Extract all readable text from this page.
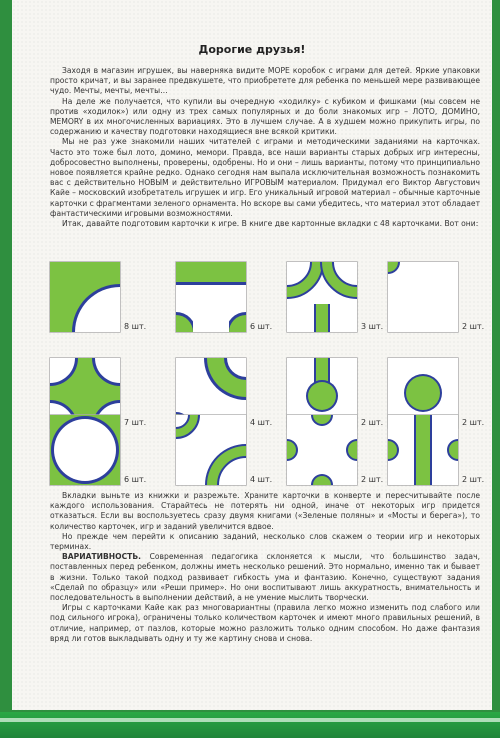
Дорогие друзья!

Заходя в магазин игрушек, вы наверняка видите МОРЕ коробок с играми для детей. Яркие упаковки просто кричат, и вы заранее предвкушете, что приобретете для ребенка по меньшей мере развивающее чудо. Мечты, мечты, мечты…

На деле же получается, что купили вы очередную «ходилку» с кубиком и фишками (мы совсем не против «ходилок») или одну из трех самых популярных и до боли знакомых игр – ЛОТО, ДОМИНО, MEMORY в их многочисленных вариациях. Это в лучшем случае. А в худшем можно прикупить игры, по содержанию и качеству подготовки находящиеся вне всякой критики.

Мы не раз уже знакомили наших читателей с играми и методическими заданиями на карточках. Часто это тоже был лото, домино, мемори. Правда, все наши варианты старых добрых игр интересны, добросовестно выполнены, проверены, одобрены. Но и они – лишь варианты, потому что принципиально новое появляется крайне редко. Однако сегодня нам выпала исключительная возможность познакомить вас с действительно НОВЫМ и действительно ИГРОВЫМ материалом. Придумал его Виктор Августович Кайе – московский изобретатель игрушек и игр. Его уникальный игровой материал – обычные карточные карточки с фрагментами зеленого орнамента. Но вскоре вы сами убедитесь, что материал этот обладает фантастическими игровыми возможностями.

Итак, давайте подготовим карточки к игре. В книге две картонные вкладки с 48 карточками. Вот они:

8 шт.	6 шт.	3 шт.	2 шт.
7 шт.	4 шт.	2 шт.	2 шт.
6 шт.	4 шт.	2 шт.	2 шт.

Вкладки выньте из книжки и разрежьте. Храните карточки в конверте и пересчитывайте после каждого использования. Старайтесь не потерять ни одной, иначе от некоторых игр придется отказаться. Если вы воспользуетесь сразу двумя книгами («Зеленые поляны» и «Мосты и берега»), то количество карточек, игр и заданий увеличится вдвое.

Но прежде чем перейти к описанию заданий, несколько слов скажем о теории игр и некоторых терминах.

ВАРИАТИВНОСТЬ. Современная педагогика склоняется к мысли, что большинство задач, поставленных перед ребенком, должны иметь несколько решений. Это нормально, именно так и бывает в жизни. Только такой подход развивает гибкость ума и фантазию. Конечно, существуют задания «Сделай по образцу» или «Реши пример». Но они воспитывают лишь аккуратность, внимательность и последовательность в выполнении действий, а не умение мыслить творчески.

Игры с карточками Кайе как раз многовариантны (правила легко можно изменить под слабого или под сильного игрока), ограничены только количеством карточек и имеют много правильных решений, в отличие, например, от пазлов, которые можно разложить только одним способом. Но даже фантазия вряд ли готов выкладывать одну и ту же картину снова и снова.
